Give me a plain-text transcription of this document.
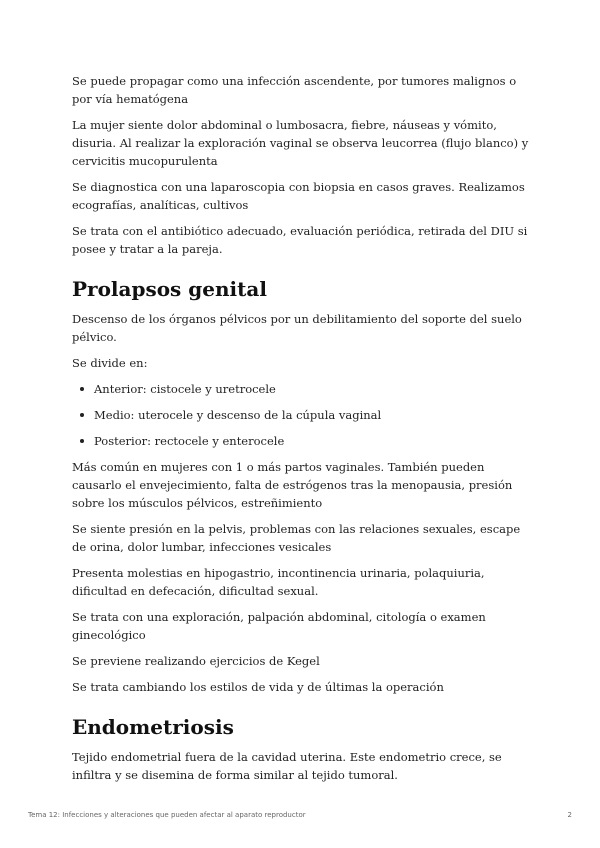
Se puede propagar como una infección ascendente, por tumores malignos o por vía hematógena

La mujer siente dolor abdominal o lumbosacra, fiebre, náuseas y vómito, disuria. Al realizar la exploración vaginal se observa leucorrea (flujo blanco) y cervicitis mucopurulenta

Se diagnostica con una laparoscopia con biopsia en casos graves. Realizamos ecografías, analíticas, cultivos

Se trata con el antibiótico adecuado, evaluación periódica, retirada del DIU si posee y tratar a la pareja.

Prolapsos genital

Descenso de los órganos pélvicos por un debilitamiento del soporte del suelo pélvico.

Se divide en:

Anterior: cistocele y uretrocele
Medio: uterocele y descenso de la cúpula vaginal
Posterior: rectocele y enterocele

Más común en mujeres con 1 o más partos vaginales. También pueden causarlo el envejecimiento, falta de estrógenos tras la menopausia, presión sobre los músculos pélvicos, estreñimiento

Se siente presión en la pelvis, problemas con las relaciones sexuales, escape de orina, dolor lumbar, infecciones vesicales

Presenta molestias en hipogastrio, incontinencia urinaria, polaquiuria, dificultad en defecación, dificultad sexual.

Se trata con una exploración, palpación abdominal, citología o examen ginecológico

Se previene realizando ejercicios de Kegel

Se trata cambiando los estilos de vida y de últimas la operación

Endometriosis

Tejido endometrial fuera de la cavidad uterina. Este endometrio crece, se infiltra y se disemina de forma similar al tejido tumoral.

Tema 12: Infecciones y alteraciones que pueden afectar al aparato reproductor	2
